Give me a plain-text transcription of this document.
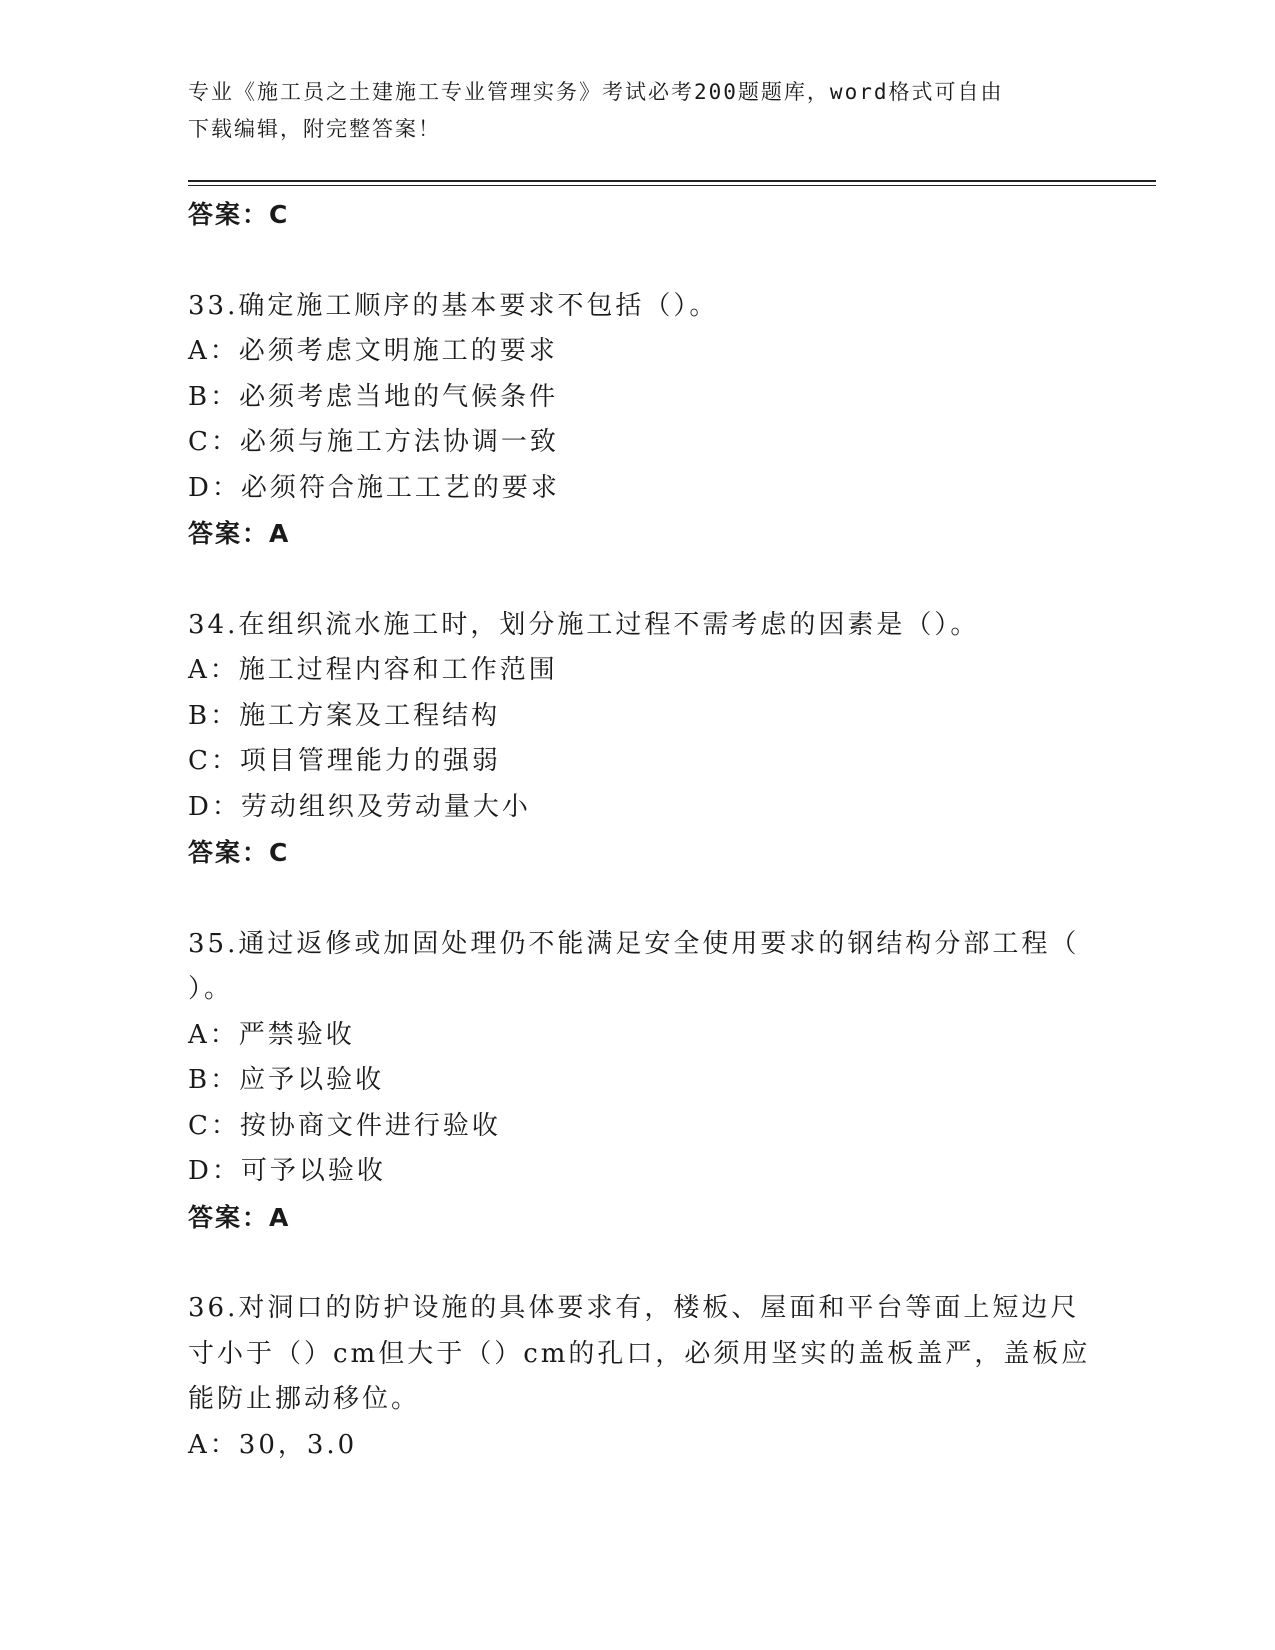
专业《施工员之土建施工专业管理实务》考试必考200题题库，word格式可自由
下载编辑，附完整答案！
答案：C
33.确定施工顺序的基本要求不包括（）。
A：必须考虑文明施工的要求
B：必须考虑当地的气候条件
C：必须与施工方法协调一致
D：必须符合施工工艺的要求
答案：A
34.在组织流水施工时，划分施工过程不需考虑的因素是（）。
A：施工过程内容和工作范围
B：施工方案及工程结构
C：项目管理能力的强弱
D：劳动组织及劳动量大小
答案：C
35.通过返修或加固处理仍不能满足安全使用要求的钢结构分部工程（
）。
A：严禁验收
B：应予以验收
C：按协商文件进行验收
D：可予以验收
答案：A
36.对洞口的防护设施的具体要求有，楼板、屋面和平台等面上短边尺
寸小于（）cm但大于（）cm的孔口，必须用坚实的盖板盖严，盖板应
能防止挪动移位。
A：30，3.0
